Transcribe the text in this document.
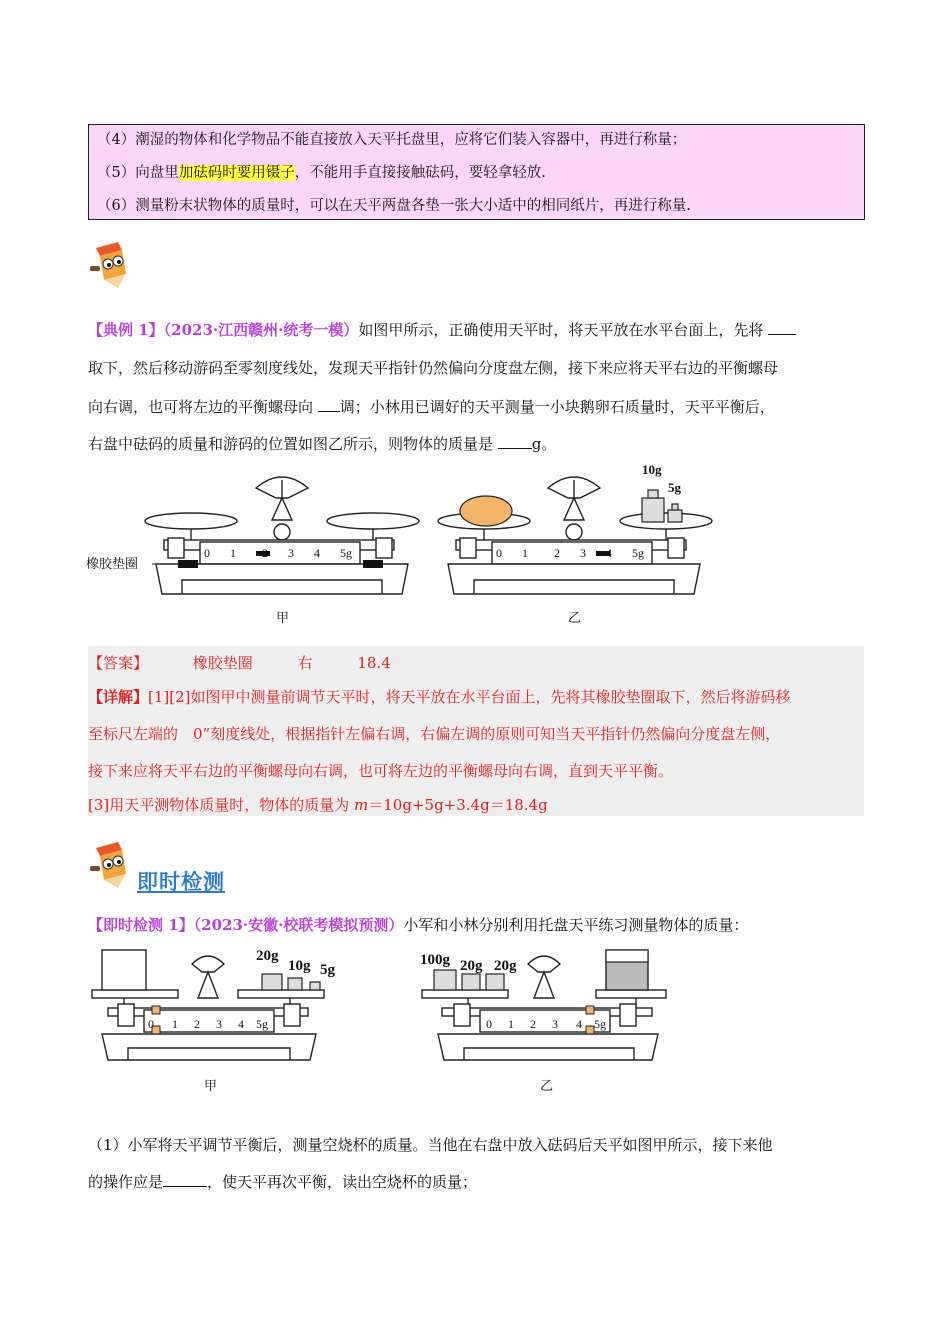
（4）潮湿的物体和化学物品不能直接放入天平托盘里，应将它们装入容器中，再进行称量；
（5）向盘里加砝码时要用镊子，不能用手直接接触砝码，要轻拿轻放.
（6）测量粉末状物体的质量时，可以在天平两盘各垫一张大小适中的相同纸片，再进行称量.
【典例 1】（2023·江西赣州·统考一模）如图甲所示，正确使用天平时，将天平放在水平台面上，先将
取下，然后移动游码至零刻度线处，发现天平指针仍然偏向分度盘左侧，接下来应将天平右边的平衡螺母
向右调，也可将左边的平衡螺母向 调；小林用已调好的天平测量一小块鹅卵石质量时，天平平衡后，
右盘中砝码的质量和游码的位置如图乙所示，则物体的质量是	g。
0 1 2 3 4 5g	0 1 2 3 4 5g
橡胶垫圈
10g
5g
甲	乙
【答案】	橡胶垫圈	右	18.4
【详解】[1][2]如图甲中测量前调节天平时，将天平放在水平台面上，先将其橡胶垫圈取下，然后将游码移
至标尺左端的　0”刻度线处，根据指针左偏右调，右偏左调的原则可知当天平指针仍然偏向分度盘左侧，
接下来应将天平右边的平衡螺母向右调，也可将左边的平衡螺母向右调，直到天平平衡。
[3]用天平测物体质量时，物体的质量为 m＝10g+5g+3.4g＝18.4g
即时检测
【即时检测 1】（2023·安徽·校联考模拟预测）小军和小林分别利用托盘天平练习测量物体的质量：
0 1 2 3 4 5g	0 1 2 3 4 5g
20g
10g 5g
100g 20g 20g
甲	乙
（1）小军将天平调节平衡后，测量空烧杯的质量。当他在右盘中放入砝码后天平如图甲所示，接下来他
的操作应是	，使天平再次平衡，读出空烧杯的质量；
